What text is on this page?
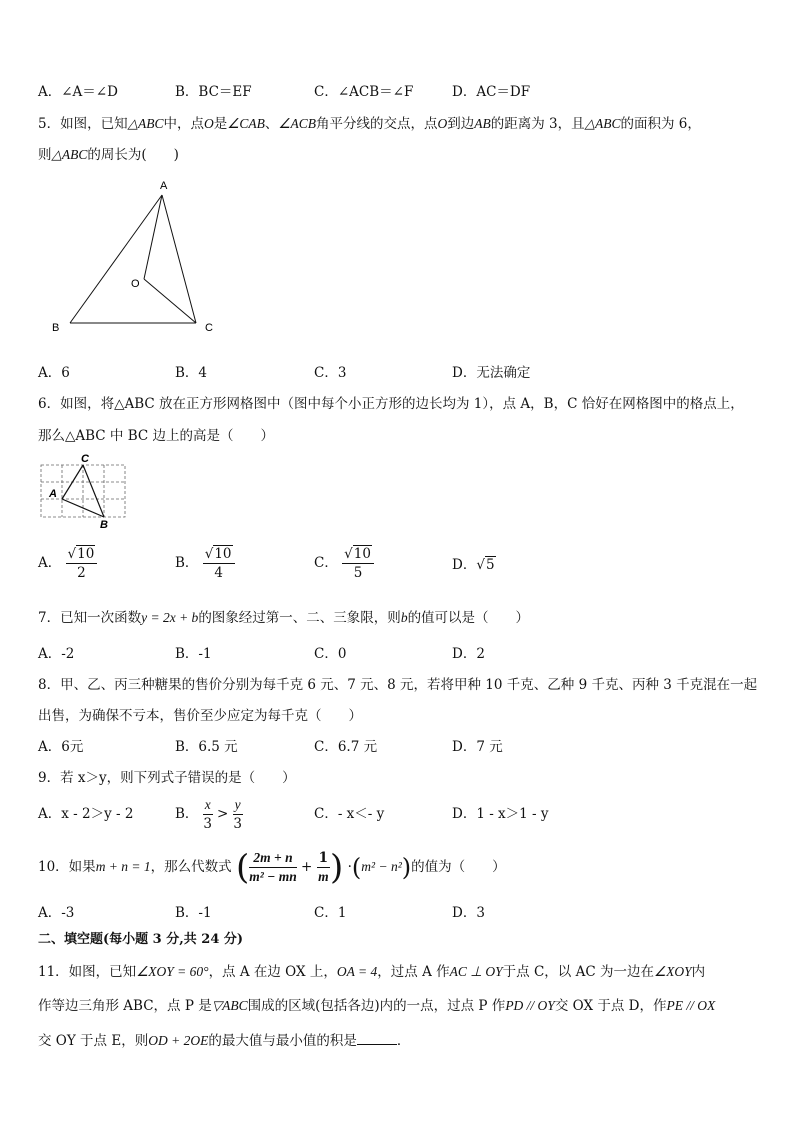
A．∠A＝∠D	B．BC＝EF	C．∠ACB＝∠F	D．AC＝DF
5．如图，已知△ABC中，点O是∠CAB、∠ACB角平分线的交点，点O到边AB的距离为 3，且△ABC的面积为 6，
则△ABC的周长为(　　)
A
B	C
O
A．6	B．4	C．3	D．无法确定
6．如图，将△ABC 放在正方形网格图中（图中每个小正方形的边长均为 1），点 A，B，C 恰好在网格图中的格点上，
那么△ABC 中 BC 边上的高是（　　）
C
A
B
A． $\frac{√10}{2}$	B． $\frac{√10}{4}$	C． $\frac{√10}{5}$	D．√5
7．已知一次函数y = 2x + b的图象经过第一、二、三象限，则b的值可以是（　　）
A．-2	B．-1	C．0	D．2
8．甲、乙、丙三种糖果的售价分别为每千克 6 元、7 元、8 元，若将甲种 10 千克、乙种 9 千克、丙种 3 千克混在一起
出售，为确保不亏本，售价至少应定为每千克（　　）
A．6元	B．6.5 元	C．6.7 元	D．7 元
9．若 x＞y，则下列式子错误的是（　　）
A．x - 2＞y - 2	B． $\frac{x}{3} > \frac{y}{3}$	C．- x＜- y	D．1 - x＞1 - y
10．如果m + n = 1，那么代数式 ( $\frac{2m + n}{\text{m² − mn}} + \frac{1}{m}$ ) ·(m² − n²)的值为（　　）
A．-3	B．-1	C．1	D．3
二、填空题(每小题 3 分,共 24 分)
11．如图，已知∠XOY = 60°，点 A 在边 OX 上，OA = 4，过点 A 作AC ⊥ OY于点 C，以 AC 为一边在∠XOY内
作等边三角形 ABC，点 P 是▽ABC围成的区域(包括各边)内的一点，过点 P 作PD // OY交 OX 于点 D，作PE // OX
交 OY 于点 E，则OD + 2OE的最大值与最小值的积是	．
